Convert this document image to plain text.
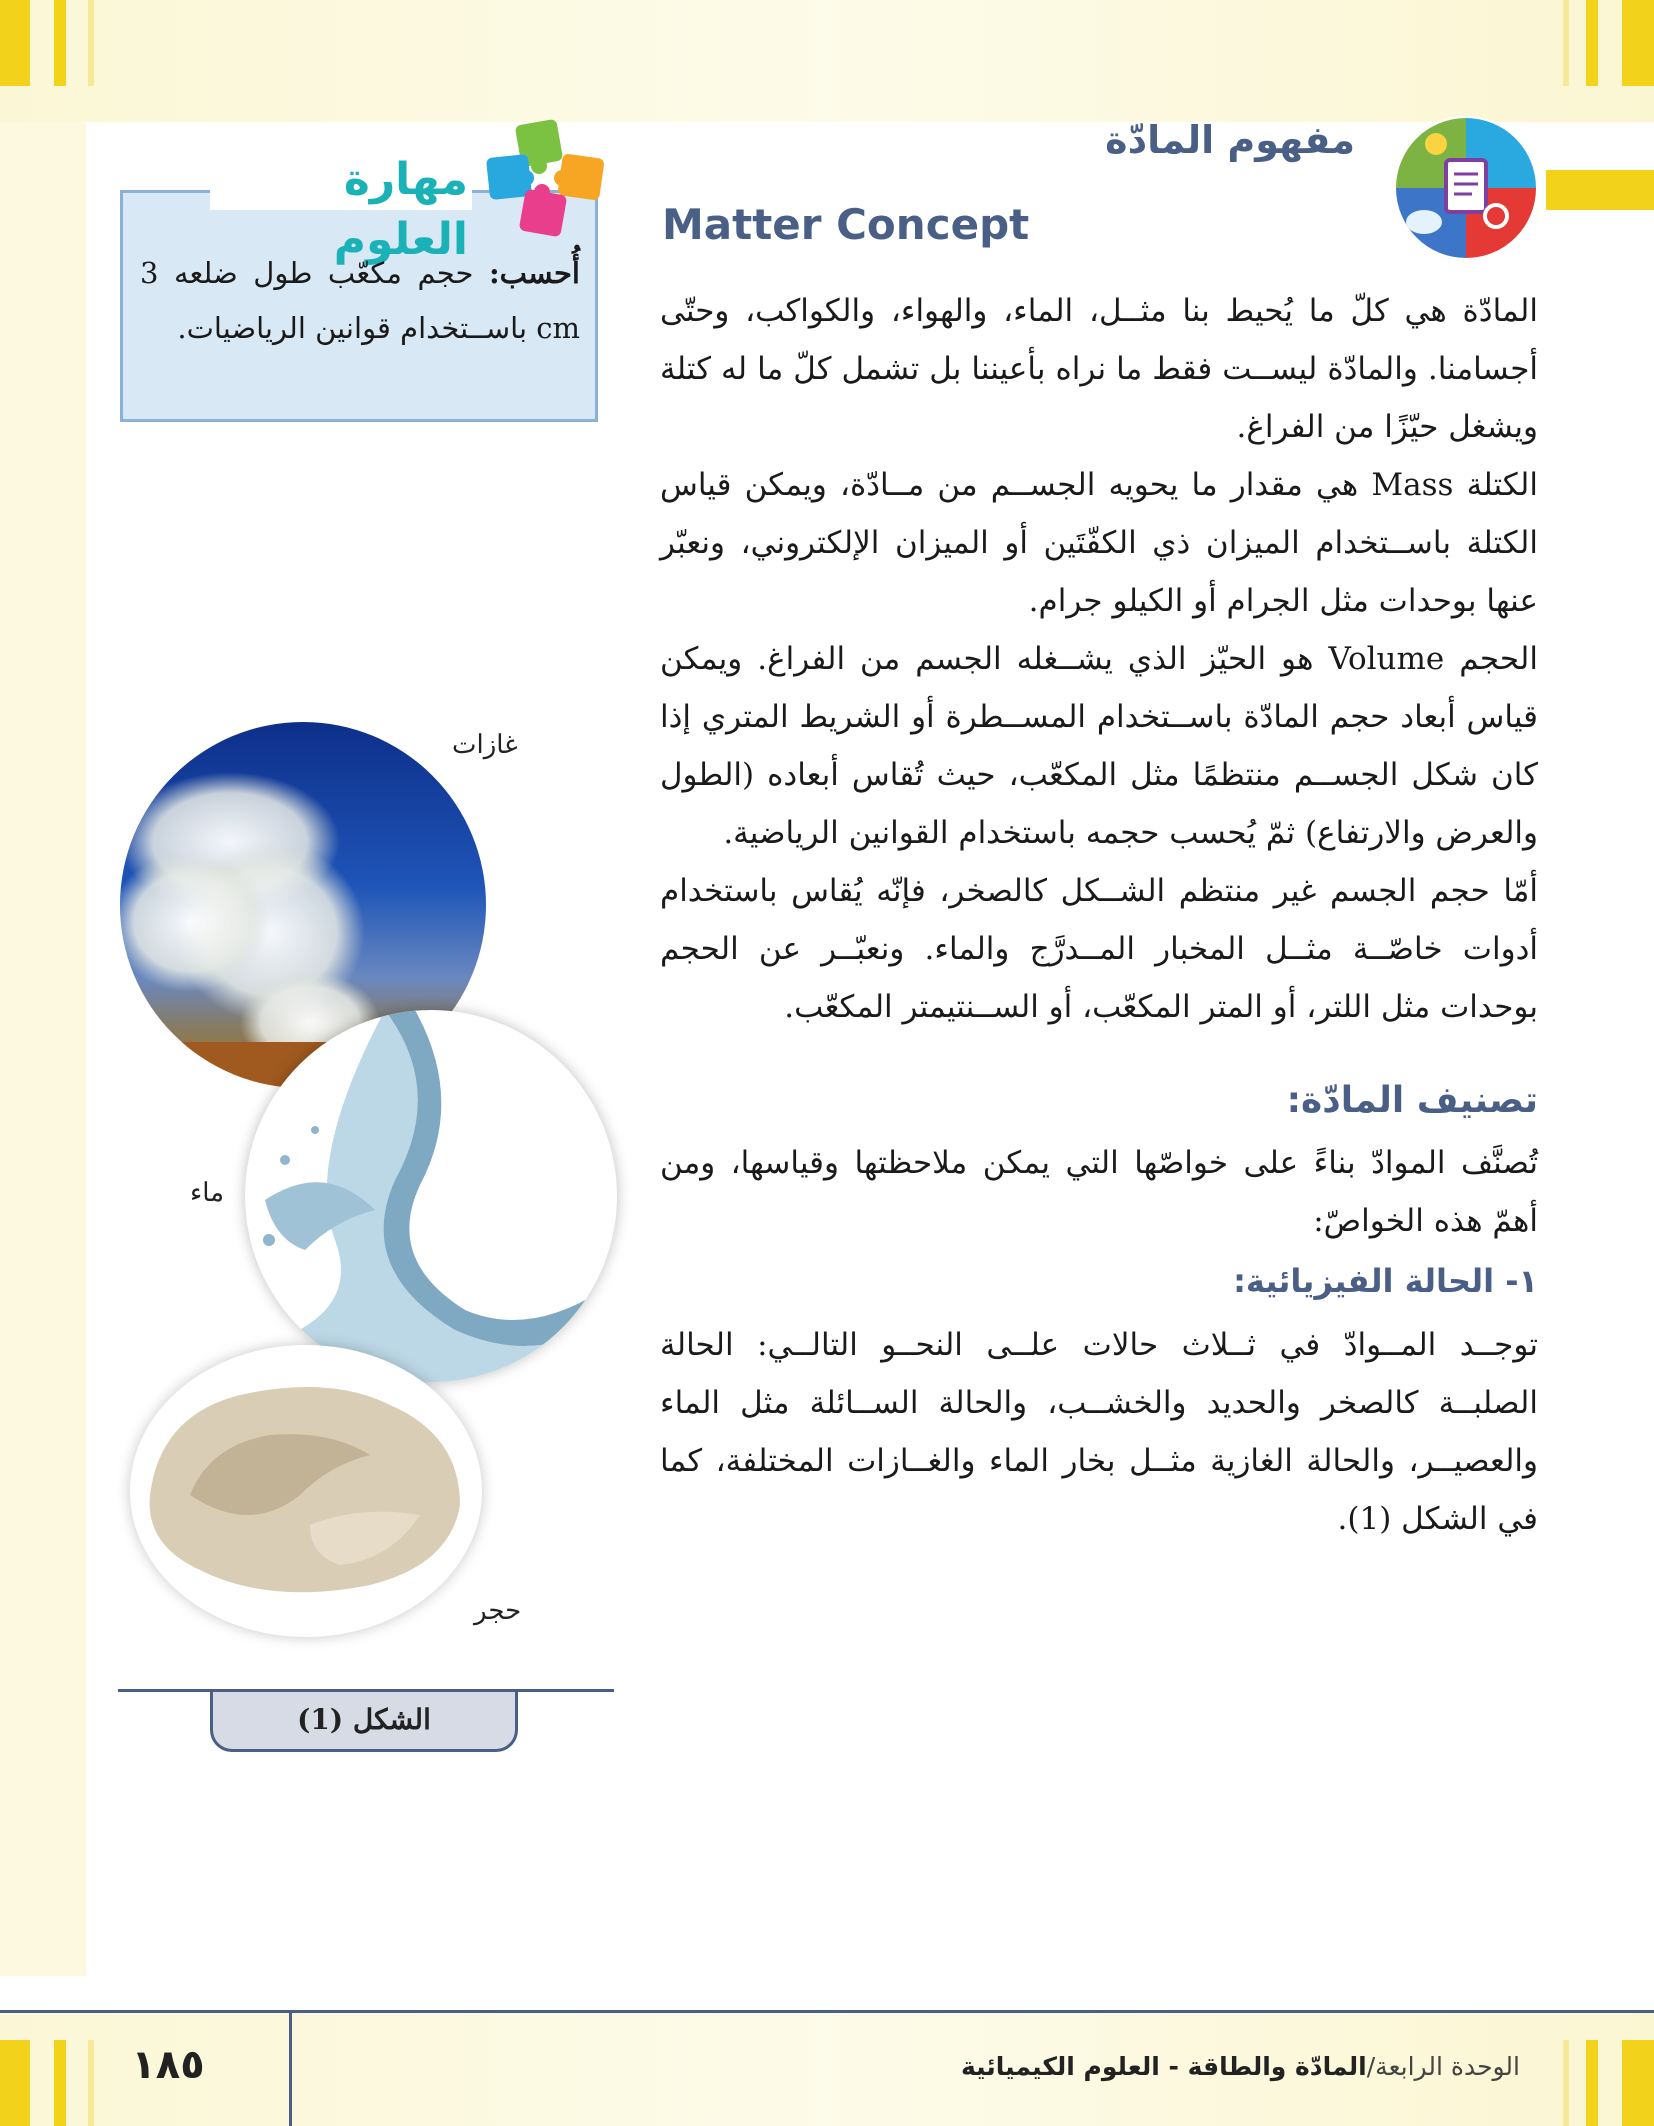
١٨٥	الوحدة الرابعة/المادّة والطاقة - العلوم الكيميائية
مفهوم المادّة
Matter Concept

المادّة هي كلّ ما يُحيط بنا مثــل، الماء، والهواء، والكواكب، وحتّى أجسامنا. والمادّة ليســت فقط ما نراه بأعيننا بل تشمل كلّ ما له كتلة ويشغل حيّزًا من الفراغ.

الكتلة Mass هي مقدار ما يحويه الجســم من مــادّة، ويمكن قياس الكتلة باســتخدام الميزان ذي الكفّتَين أو الميزان الإلكتروني، ونعبّر عنها بوحدات مثل الجرام أو الكيلو جرام.

الحجم Volume هو الحيّز الذي يشــغله الجسم من الفراغ. ويمكن قياس أبعاد حجم المادّة باســتخدام المســطرة أو الشريط المتري إذا كان شكل الجســم منتظمًا مثل المكعّب، حيث تُقاس أبعاده (الطول والعرض والارتفاع) ثمّ يُحسب حجمه باستخدام القوانين الرياضية.

أمّا حجم الجسم غير منتظم الشــكل كالصخر، فإنّه يُقاس باستخدام أدوات خاصّــة مثــل المخبار المــدرَّج والماء. ونعبّــر عن الحجم بوحدات مثل اللتر، أو المتر المكعّب، أو الســنتيمتر المكعّب.

تصنيف المادّة:

تُصنَّف الموادّ بناءً على خواصّها التي يمكن ملاحظتها وقياسها، ومن أهمّ هذه الخواصّ:

١- الحالة الفيزيائية:

توجــد المــوادّ في ثــلاث حالات علــى النحــو التالــي: الحالة الصلبــة كالصخر والحديد والخشــب، والحالة الســائلة مثل الماء والعصيــر، والحالة الغازية مثــل بخار الماء والغــازات المختلفة، كما في الشكل (1).

مهارة العلوم
أُحسب: حجم مكعّب طول ضلعه 3 cm باســتخدام قوانين الرياضيات.
غازات
ماء
حجر
الشكل (1)
